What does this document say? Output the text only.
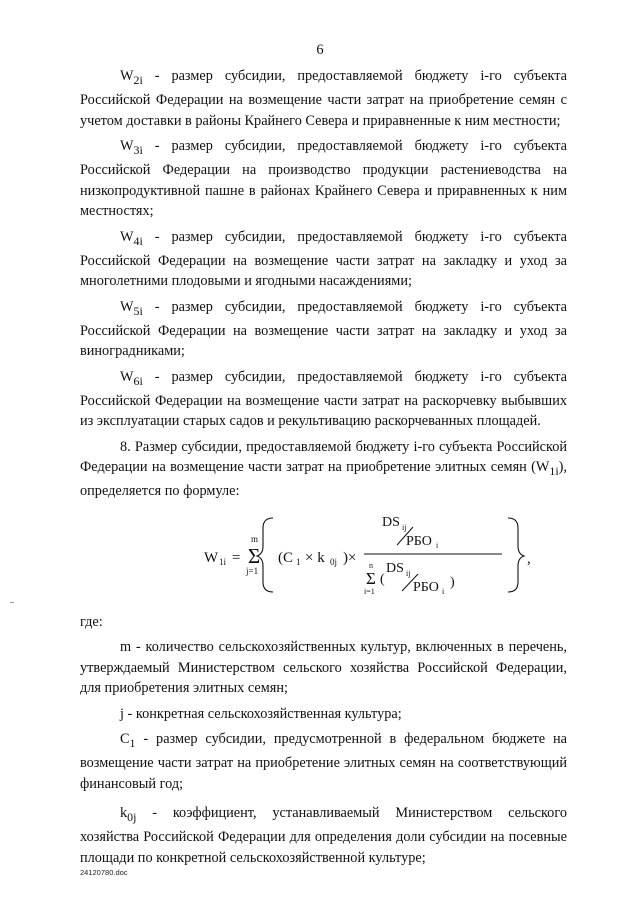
6

$W_{2i}$ - размер субсидии, предоставляемой бюджету i-го субъекта Российской Федерации на возмещение части затрат на приобретение семян с учетом доставки в районы Крайнего Севера и приравненные к ним местности;

$W_{3i}$ - размер субсидии, предоставляемой бюджету i-го субъекта Российской Федерации на производство продукции растениеводства на низкопродуктивной пашне в районах Крайнего Севера и приравненных к ним местностях;

$W_{4i}$ - размер субсидии, предоставляемой бюджету i-го субъекта Российской Федерации на возмещение части затрат на закладку и уход за многолетними плодовыми и ягодными насаждениями;

$W_{5i}$ - размер субсидии, предоставляемой бюджету i-го субъекта Российской Федерации на возмещение части затрат на закладку и уход за виноградниками;

$W_{6i}$ - размер субсидии, предоставляемой бюджету i-го субъекта Российской Федерации на возмещение части затрат на раскорчевку выбывших из эксплуатации старых садов и рекультивацию раскорчеванных площадей.

8. Размер субсидии, предоставляемой бюджету i-го субъекта Российской Федерации на возмещение части затрат на приобретение элитных семян $(W_{1i})$, определяется по формуле:

W 1i =
m
Σ
j=1
(C 1 × k 0j )×
DS ij
РБО i
n
Σ
i=1
(
DS ij
РБО i
)
,

где:

m - количество сельскохозяйственных культур, включенных в перечень, утверждаемый Министерством сельского хозяйства Российской Федерации, для приобретения элитных семян;

j - конкретная сельскохозяйственная культура;

$C_1$ - размер субсидии, предусмотренной в федеральном бюджете на возмещение части затрат на приобретение элитных семян на соответствующий финансовый год;

$k_{0j}$ - коэффициент, устанавливаемый Министерством сельского хозяйства Российской Федерации для определения доли субсидии на посевные площади по конкретной сельскохозяйственной культуре;

24120780.doc
